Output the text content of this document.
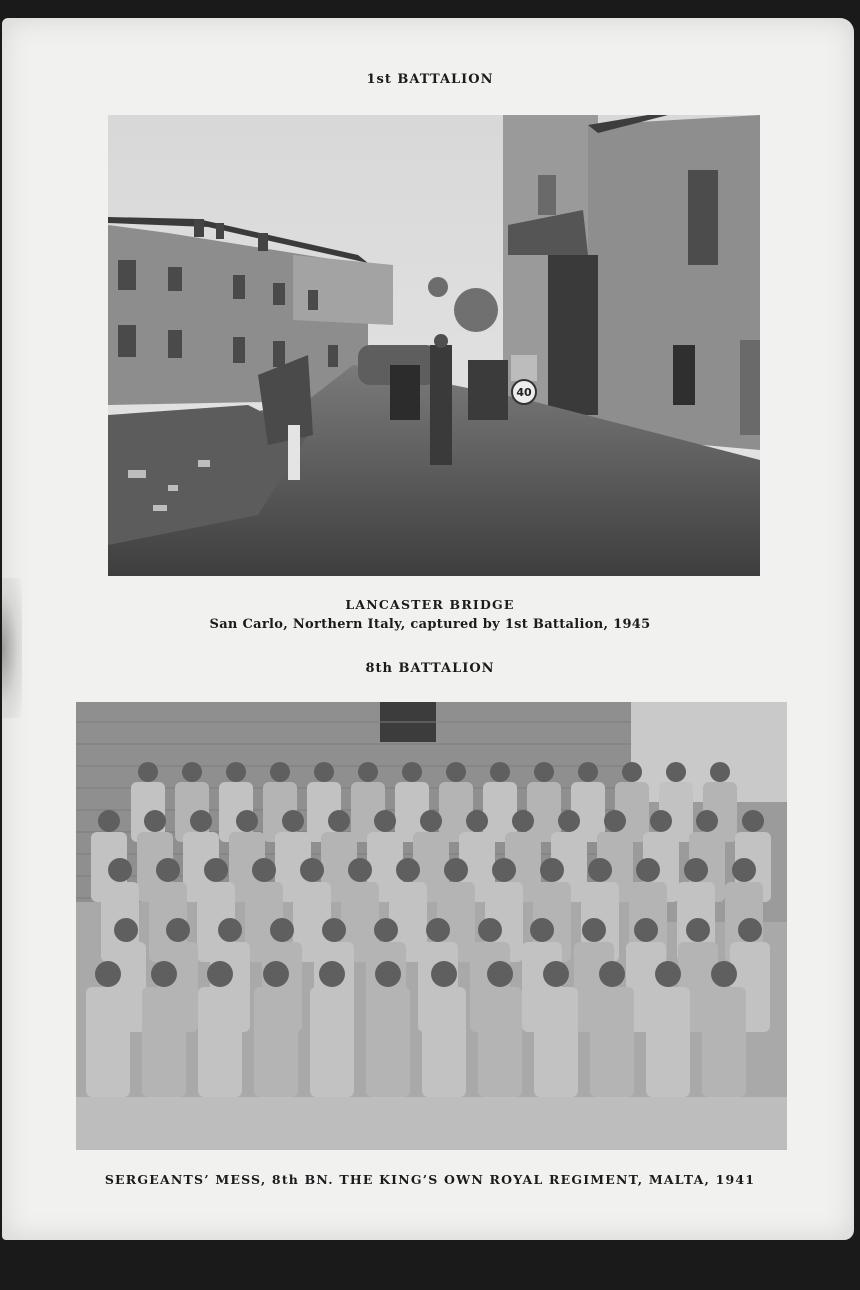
1st BATTALION
40
LANCASTER BRIDGE
San Carlo, Northern Italy, captured by 1st Battalion, 1945
8th BATTALION
SERGEANTS’ MESS, 8th BN. THE KING’S OWN ROYAL REGIMENT, MALTA, 1941
